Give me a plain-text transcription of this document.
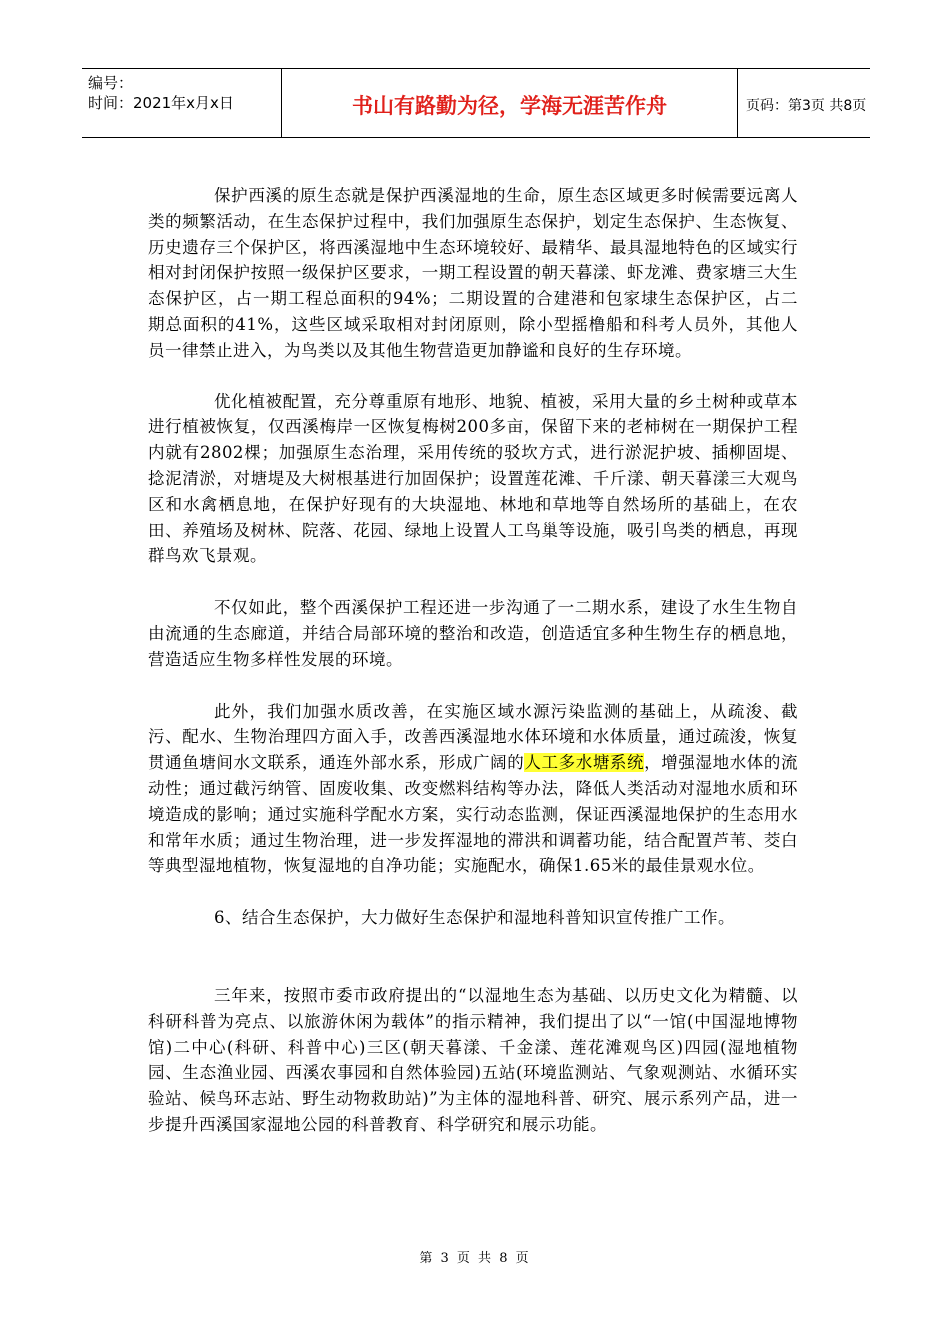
编号：
时间：2021年x月x日	书山有路勤为径，学海无涯苦作舟	页码：第3页 共8页

保护西溪的原生态就是保护西溪湿地的生命，原生态区域更多时候需要远离人类的频繁活动，在生态保护过程中，我们加强原生态保护，划定生态保护、生态恢复、历史遗存三个保护区，将西溪湿地中生态环境较好、最精华、最具湿地特色的区域实行相对封闭保护按照一级保护区要求，一期工程设置的朝天暮漾、虾龙滩、费家塘三大生态保护区，占一期工程总面积的94%；二期设置的合建港和包家埭生态保护区，占二期总面积的41%，这些区域采取相对封闭原则，除小型摇橹船和科考人员外，其他人员一律禁止进入，为鸟类以及其他生物营造更加静谧和良好的生存环境。

优化植被配置，充分尊重原有地形、地貌、植被，采用大量的乡土树种或草本进行植被恢复，仅西溪梅岸一区恢复梅树200多亩，保留下来的老柿树在一期保护工程内就有2802棵；加强原生态治理，采用传统的驳坎方式，进行淤泥护坡、插柳固堤、捻泥清淤，对塘堤及大树根基进行加固保护；设置莲花滩、千斤漾、朝天暮漾三大观鸟区和水禽栖息地，在保护好现有的大块湿地、林地和草地等自然场所的基础上，在农田、养殖场及树林、院落、花园、绿地上设置人工鸟巢等设施，吸引鸟类的栖息，再现群鸟欢飞景观。

不仅如此，整个西溪保护工程还进一步沟通了一二期水系，建设了水生生物自由流通的生态廊道，并结合局部环境的整治和改造，创造适宜多种生物生存的栖息地，营造适应生物多样性发展的环境。

此外，我们加强水质改善，在实施区域水源污染监测的基础上，从疏浚、截污、配水、生物治理四方面入手，改善西溪湿地水体环境和水体质量，通过疏浚，恢复贯通鱼塘间水文联系，通连外部水系，形成广阔的人工多水塘系统，增强湿地水体的流动性；通过截污纳管、固废收集、改变燃料结构等办法，降低人类活动对湿地水质和环境造成的影响；通过实施科学配水方案，实行动态监测，保证西溪湿地保护的生态用水和常年水质；通过生物治理，进一步发挥湿地的滞洪和调蓄功能，结合配置芦苇、茭白等典型湿地植物，恢复湿地的自净功能；实施配水，确保1.65米的最佳景观水位。

6、结合生态保护，大力做好生态保护和湿地科普知识宣传推广工作。

三年来，按照市委市政府提出的“以湿地生态为基础、以历史文化为精髓、以科研科普为亮点、以旅游休闲为载体”的指示精神，我们提出了以“一馆(中国湿地博物馆)二中心(科研、科普中心)三区(朝天暮漾、千金漾、莲花滩观鸟区)四园(湿地植物园、生态渔业园、西溪农事园和自然体验园)五站(环境监测站、气象观测站、水循环实验站、候鸟环志站、野生动物救助站)”为主体的湿地科普、研究、展示系列产品，进一步提升西溪国家湿地公园的科普教育、科学研究和展示功能。

第 3 页 共 8 页
